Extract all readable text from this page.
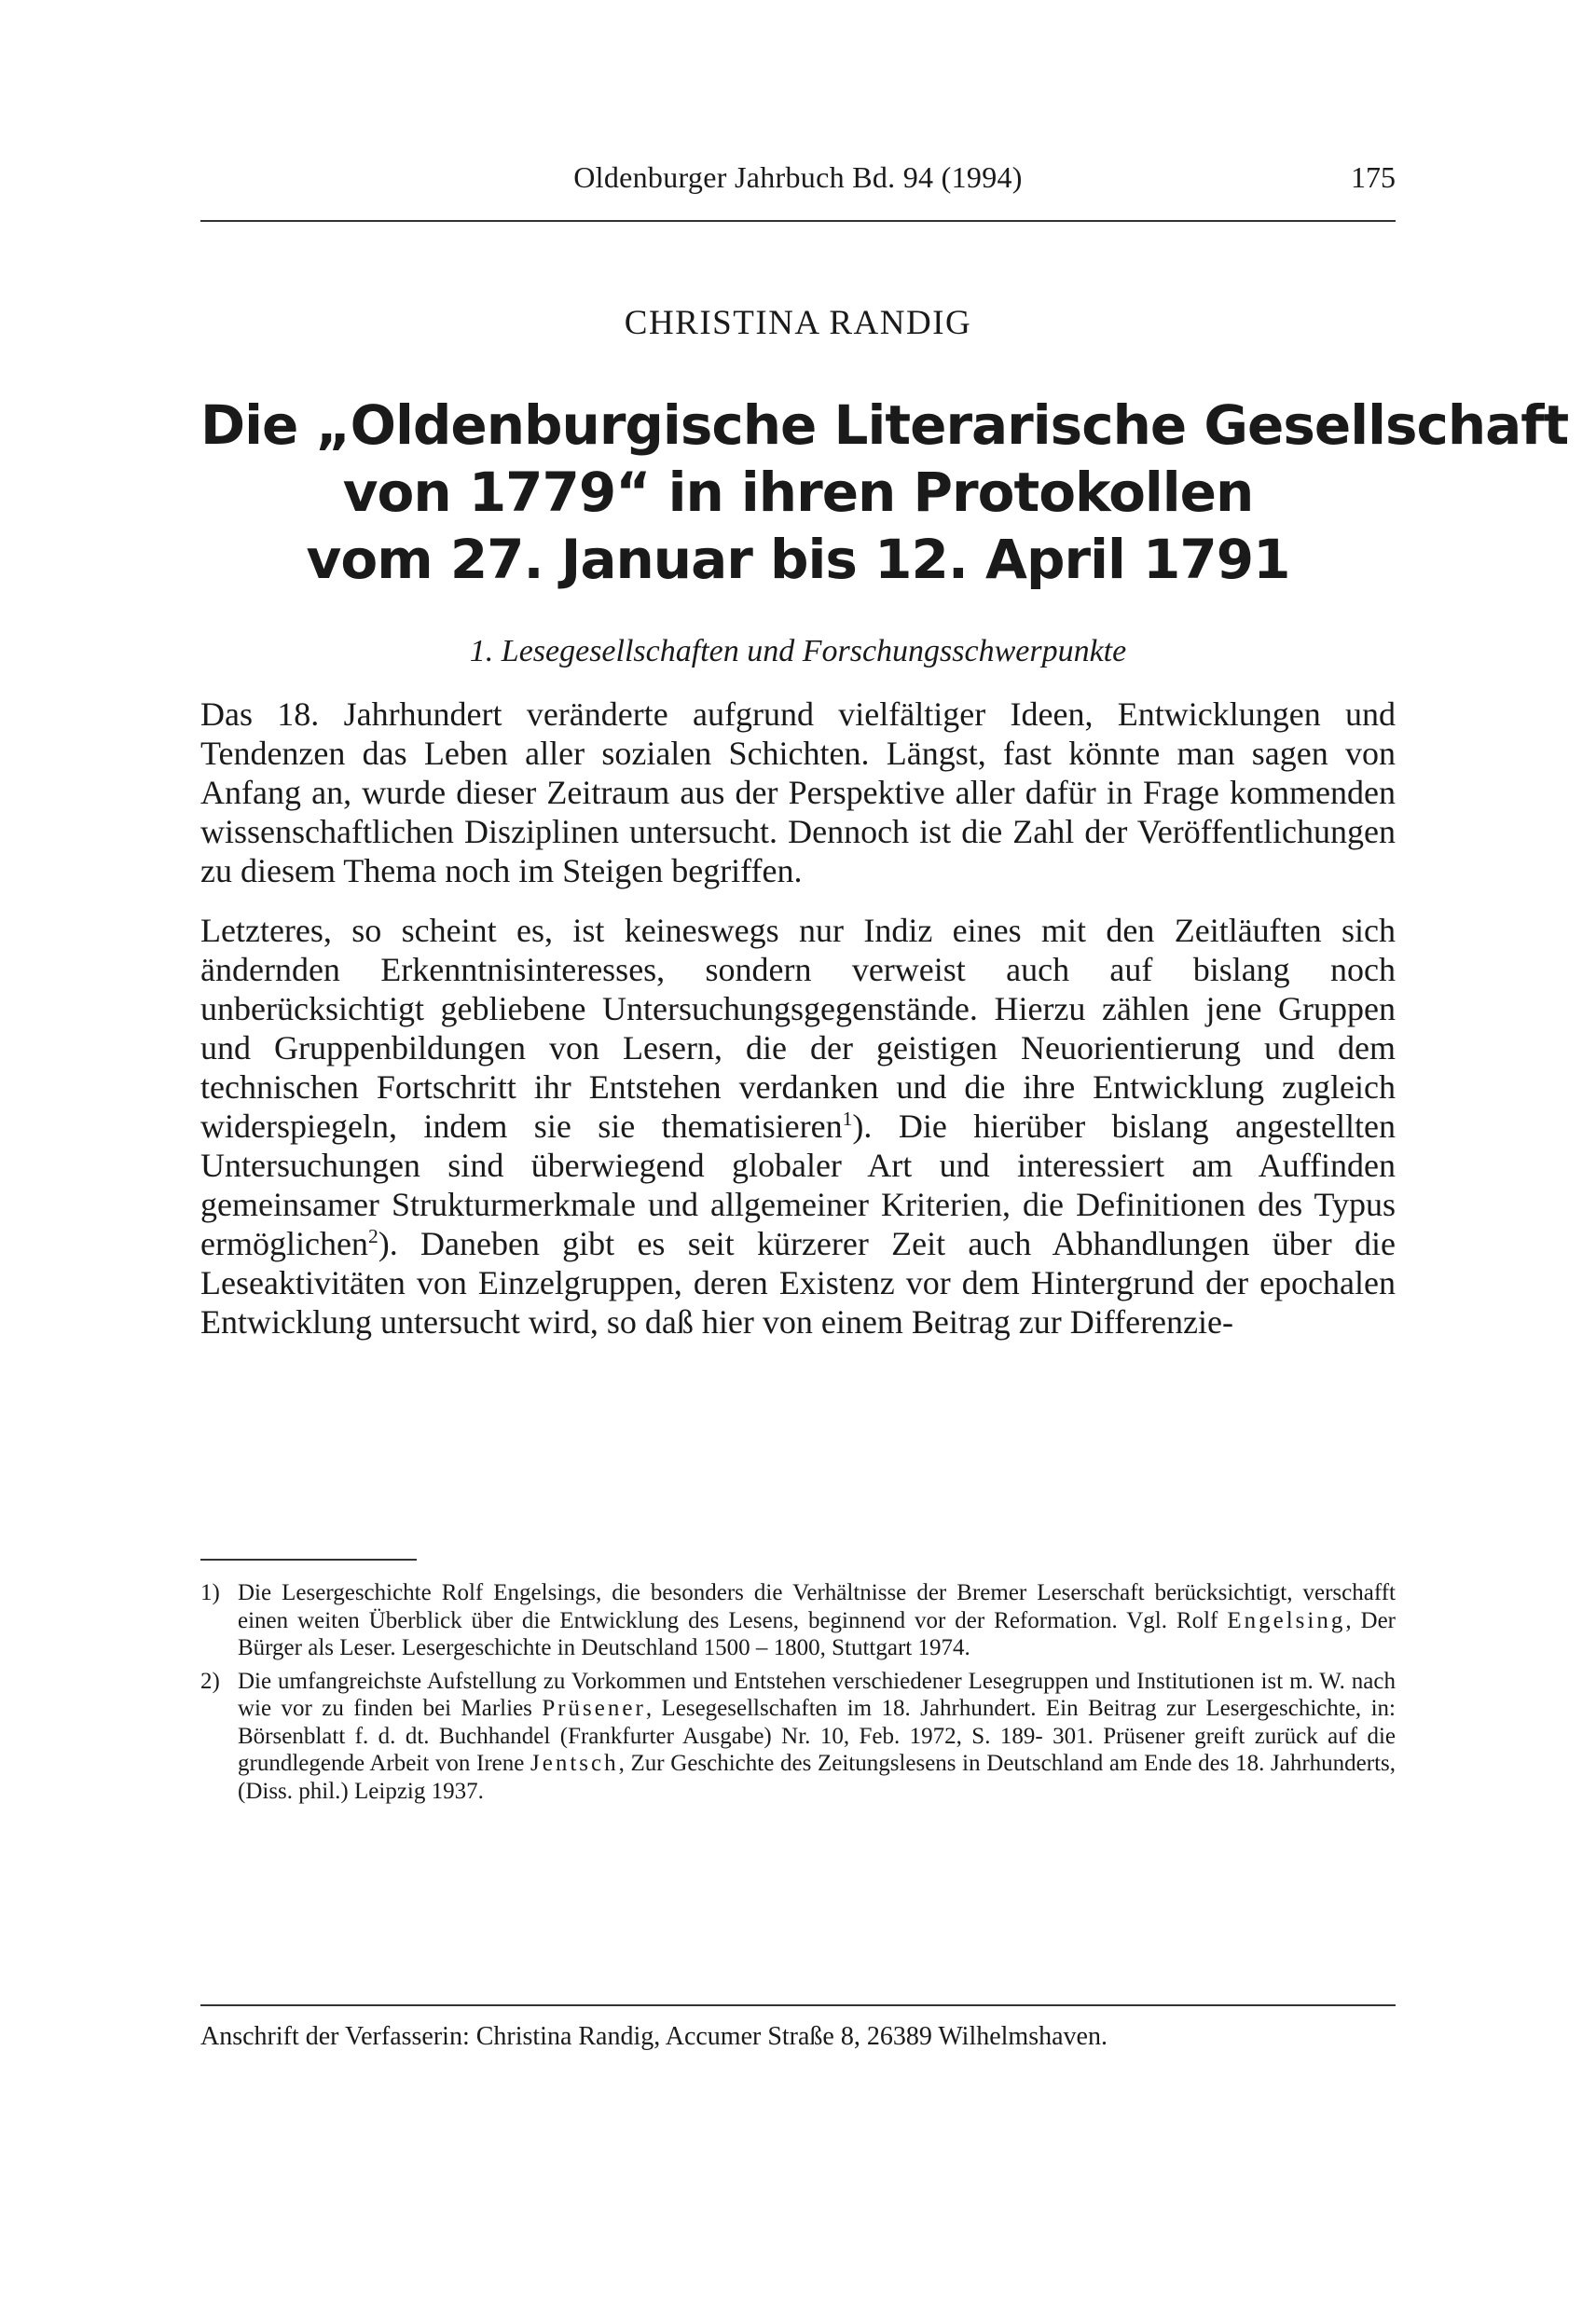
Oldenburger Jahrbuch Bd. 94 (1994)	175
CHRISTINA RANDIG
Die „Oldenburgische Literarische Gesellschaft
von 1779“ in ihren Protokollen
vom 27. Januar bis 12. April 1791
1. Lesegesellschaften und Forschungsschwerpunkte

Das 18. Jahrhundert veränderte aufgrund vielfältiger Ideen, Entwicklungen und Tendenzen das Leben aller sozialen Schichten. Längst, fast könnte man sagen von Anfang an, wurde dieser Zeitraum aus der Perspektive aller dafür in Frage kommenden wissenschaftlichen Disziplinen untersucht. Dennoch ist die Zahl der Veröffentlichungen zu diesem Thema noch im Steigen begriffen.

Letzteres, so scheint es, ist keineswegs nur Indiz eines mit den Zeitläuften sich ändernden Erkenntnisinteresses, sondern verweist auch auf bislang noch unberücksichtigt gebliebene Untersuchungsgegenstände. Hierzu zählen jene Gruppen und Gruppenbildungen von Lesern, die der geistigen Neuorientierung und dem technischen Fortschritt ihr Entstehen verdanken und die ihre Entwicklung zugleich widerspiegeln, indem sie sie thematisieren$^1$). Die hierüber bislang angestellten Untersuchungen sind überwiegend globaler Art und interessiert am Auffinden gemeinsamer Strukturmerkmale und allgemeiner Kriterien, die Definitionen des Typus ermöglichen$^2$). Daneben gibt es seit kürzerer Zeit auch Abhandlungen über die Leseaktivitäten von Einzelgruppen, deren Existenz vor dem Hintergrund der epochalen Entwicklung untersucht wird, so daß hier von einem Beitrag zur Differenzie-

1) Die Lesergeschichte Rolf Engelsings, die besonders die Verhältnisse der Bremer Leserschaft berücksichtigt, verschafft einen weiten Überblick über die Entwicklung des Lesens, beginnend vor der Reformation. Vgl. Rolf Engelsing, Der Bürger als Leser. Lesergeschichte in Deutschland 1500 – 1800, Stuttgart 1974.
2) Die umfangreichste Aufstellung zu Vorkommen und Entstehen verschiedener Lesegruppen und Institutionen ist m. W. nach wie vor zu finden bei Marlies Prüsener, Lesegesellschaften im 18. Jahrhundert. Ein Beitrag zur Lesergeschichte, in: Börsenblatt f. d. dt. Buchhandel (Frankfurter Ausgabe) Nr. 10, Feb. 1972, S. 189- 301. Prüsener greift zurück auf die grundlegende Arbeit von Irene Jentsch, Zur Geschichte des Zeitungslesens in Deutschland am Ende des 18. Jahrhunderts, (Diss. phil.) Leipzig 1937.
Anschrift der Verfasserin: Christina Randig, Accumer Straße 8, 26389 Wilhelmshaven.
